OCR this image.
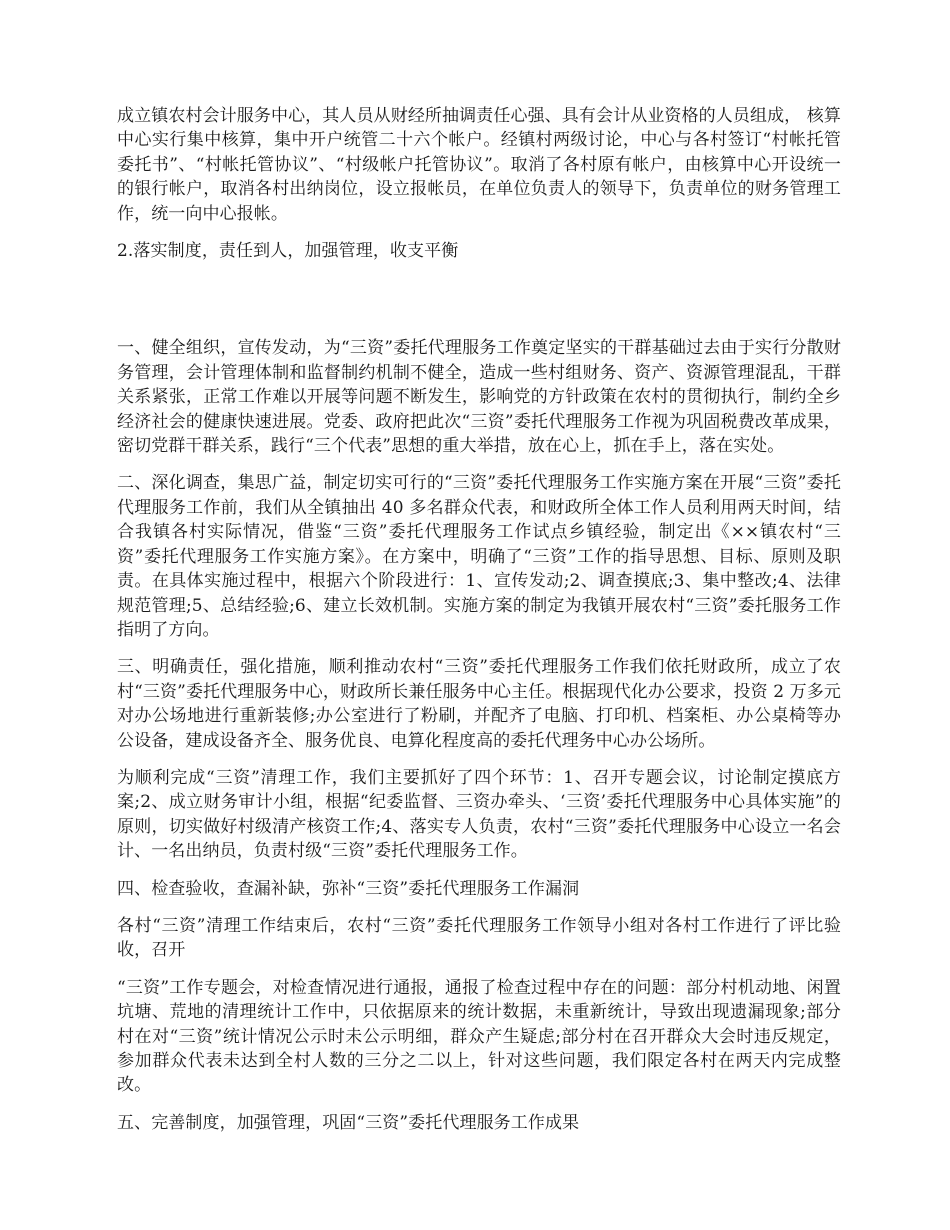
成立镇农村会计服务中心，其人员从财经所抽调责任心强、具有会计从业资格的人员组成， 核算中心实行集中核算，集中开户统管二十六个帐户。经镇村两级讨论，中心与各村签订“村帐托管委托书”、“村帐托管协议”、“村级帐户托管协议”。取消了各村原有帐户，由核算中心开设统一的银行帐户，取消各村出纳岗位，设立报帐员，在单位负责人的领导下，负责单位的财务管理工作，统一向中心报帐。

2.落实制度，责任到人，加强管理，收支平衡

一、健全组织，宣传发动，为“三资”委托代理服务工作奠定坚实的干群基础过去由于实行分散财务管理，会计管理体制和监督制约机制不健全，造成一些村组财务、资产、资源管理混乱，干群关系紧张，正常工作难以开展等问题不断发生，影响党的方针政策在农村的贯彻执行，制约全乡经济社会的健康快速进展。党委、政府把此次“三资”委托代理服务工作视为巩固税费改革成果，密切党群干群关系，践行“三个代表”思想的重大举措，放在心上，抓在手上，落在实处。

二、深化调查，集思广益，制定切实可行的“三资”委托代理服务工作实施方案在开展“三资”委托代理服务工作前，我们从全镇抽出 40 多名群众代表，和财政所全体工作人员利用两天时间，结合我镇各村实际情况，借鉴“三资”委托代理服务工作试点乡镇经验，制定出《××镇农村“三资”委托代理服务工作实施方案》。在方案中，明确了“三资”工作的指导思想、目标、原则及职责。在具体实施过程中，根据六个阶段进行：1、宣传发动;2、调查摸底;3、集中整改;4、法律规范管理;5、总结经验;6、建立长效机制。实施方案的制定为我镇开展农村“三资”委托服务工作指明了方向。

三、明确责任，强化措施，顺利推动农村“三资”委托代理服务工作我们依托财政所，成立了农村“三资”委托代理服务中心，财政所长兼任服务中心主任。根据现代化办公要求，投资 2 万多元对办公场地进行重新装修;办公室进行了粉刷，并配齐了电脑、打印机、档案柜、办公桌椅等办公设备，建成设备齐全、服务优良、电算化程度高的委托代理务中心办公场所。

为顺利完成“三资”清理工作，我们主要抓好了四个环节：1、召开专题会议，讨论制定摸底方案;2、成立财务审计小组，根据“纪委监督、三资办牵头、‘三资’委托代理服务中心具体实施”的原则，切实做好村级清产核资工作;4、落实专人负责，农村“三资”委托代理服务中心设立一名会计、一名出纳员，负责村级“三资”委托代理服务工作。

四、检查验收，查漏补缺，弥补“三资”委托代理服务工作漏洞

各村“三资”清理工作结束后，农村“三资”委托代理服务工作领导小组对各村工作进行了评比验收，召开

“三资”工作专题会，对检查情况进行通报，通报了检查过程中存在的问题：部分村机动地、闲置坑塘、荒地的清理统计工作中，只依据原来的统计数据，未重新统计，导致出现遗漏现象;部分村在对“三资”统计情况公示时未公示明细，群众产生疑虑;部分村在召开群众大会时违反规定，参加群众代表未达到全村人数的三分之二以上，针对这些问题，我们限定各村在两天内完成整改。

五、完善制度，加强管理，巩固“三资”委托代理服务工作成果
